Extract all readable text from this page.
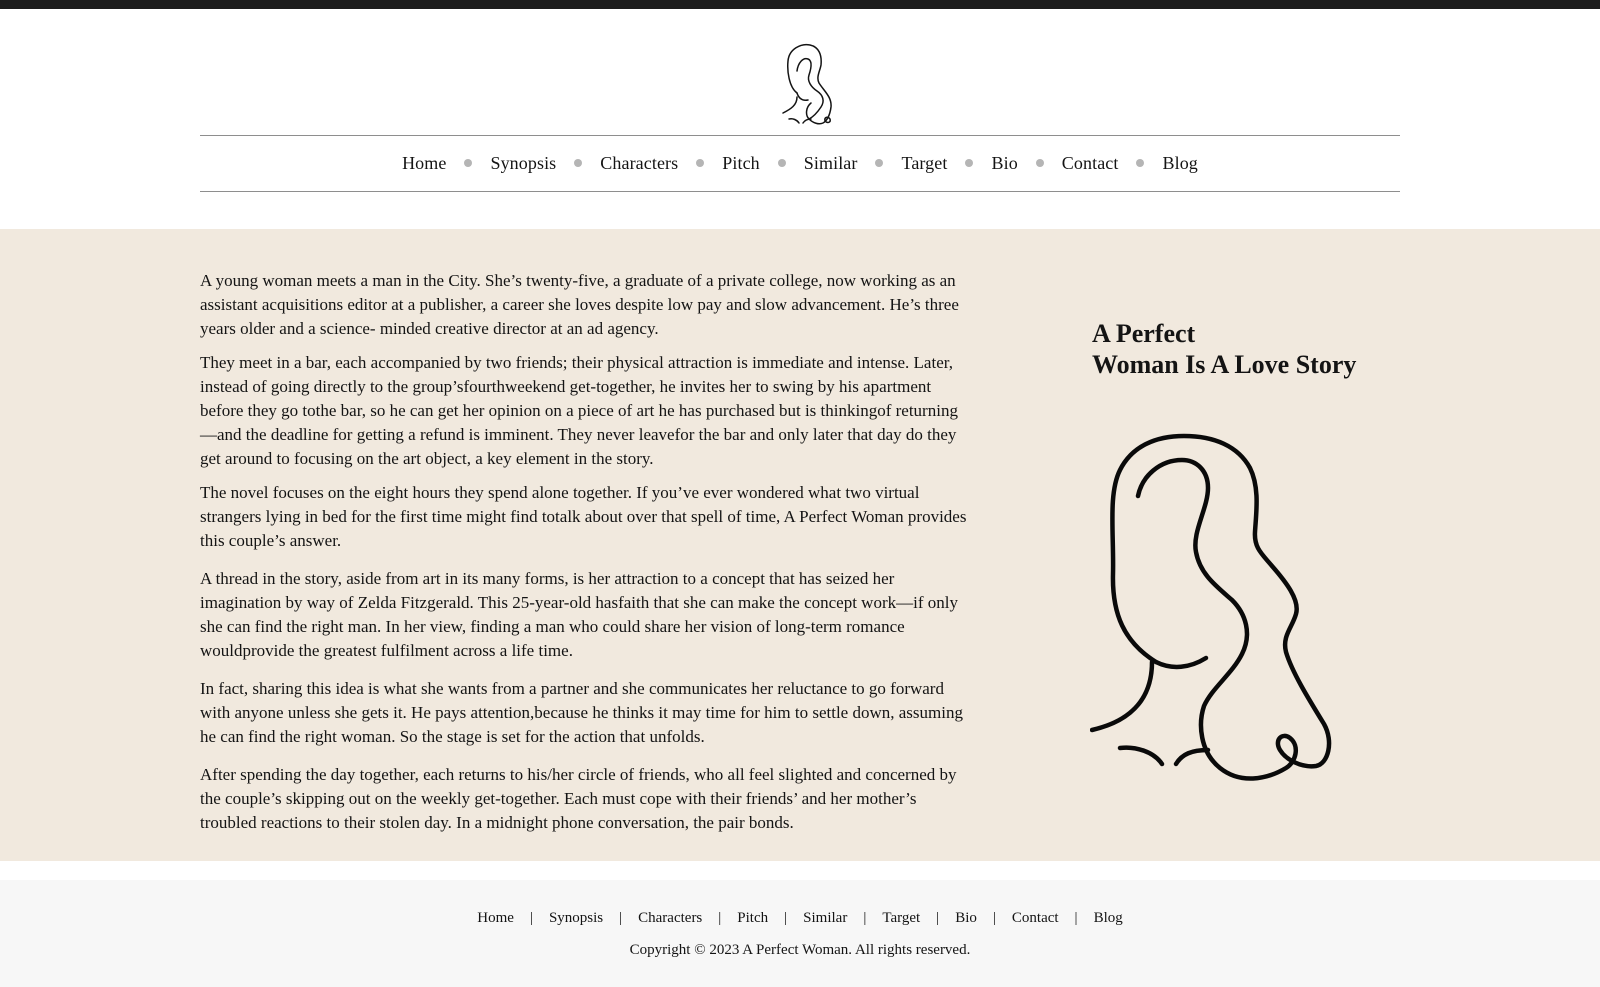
Home Synopsis Characters Pitch Similar Target Bio Contact Blog

A young woman meets a man in the City. She’s twenty-five, a graduate of a private college, now working as an assistant acquisitions editor at a publisher, a career she loves despite low pay and slow advancement. He’s three years older and a science- minded creative director at an ad agency.

They meet in a bar, each accompanied by two friends; their physical attraction is immediate and intense. Later, instead of going directly to the group’sfourthweekend get-together, he invites her to swing by his apartment before they go tothe bar, so he can get her opinion on a piece of art he has purchased but is thinkingof returning—and the deadline for getting a refund is imminent. They never leavefor the bar and only later that day do they get around to focusing on the art object, a key element in the story.

The novel focuses on the eight hours they spend alone together. If you’ve ever wondered what two virtual strangers lying in bed for the first time might find totalk about over that spell of time, A Perfect Woman provides this couple’s answer.

A thread in the story, aside from art in its many forms, is her attraction to a concept that has seized her imagination by way of Zelda Fitzgerald. This 25-year-old hasfaith that she can make the concept work—if only she can find the right man. In her view, finding a man who could share her vision of long-term romance wouldprovide the greatest fulfilment across a life time.

In fact, sharing this idea is what she wants from a partner and she communicates her reluctance to go forward with anyone unless she gets it. He pays attention,because he thinks it may time for him to settle down, assuming he can find the right woman. So the stage is set for the action that unfolds.

After spending the day together, each returns to his/her circle of friends, who all feel slighted and concerned by the couple’s skipping out on the weekly get-together. Each must cope with their friends’ and her mother’s troubled reactions to their stolen day. In a midnight phone conversation, the pair bonds.

A Perfect
Woman Is A Love Story
Home | Synopsis | Characters | Pitch | Similar | Target | Bio | Contact | Blog
Copyright © 2023 A Perfect Woman. All rights reserved.
